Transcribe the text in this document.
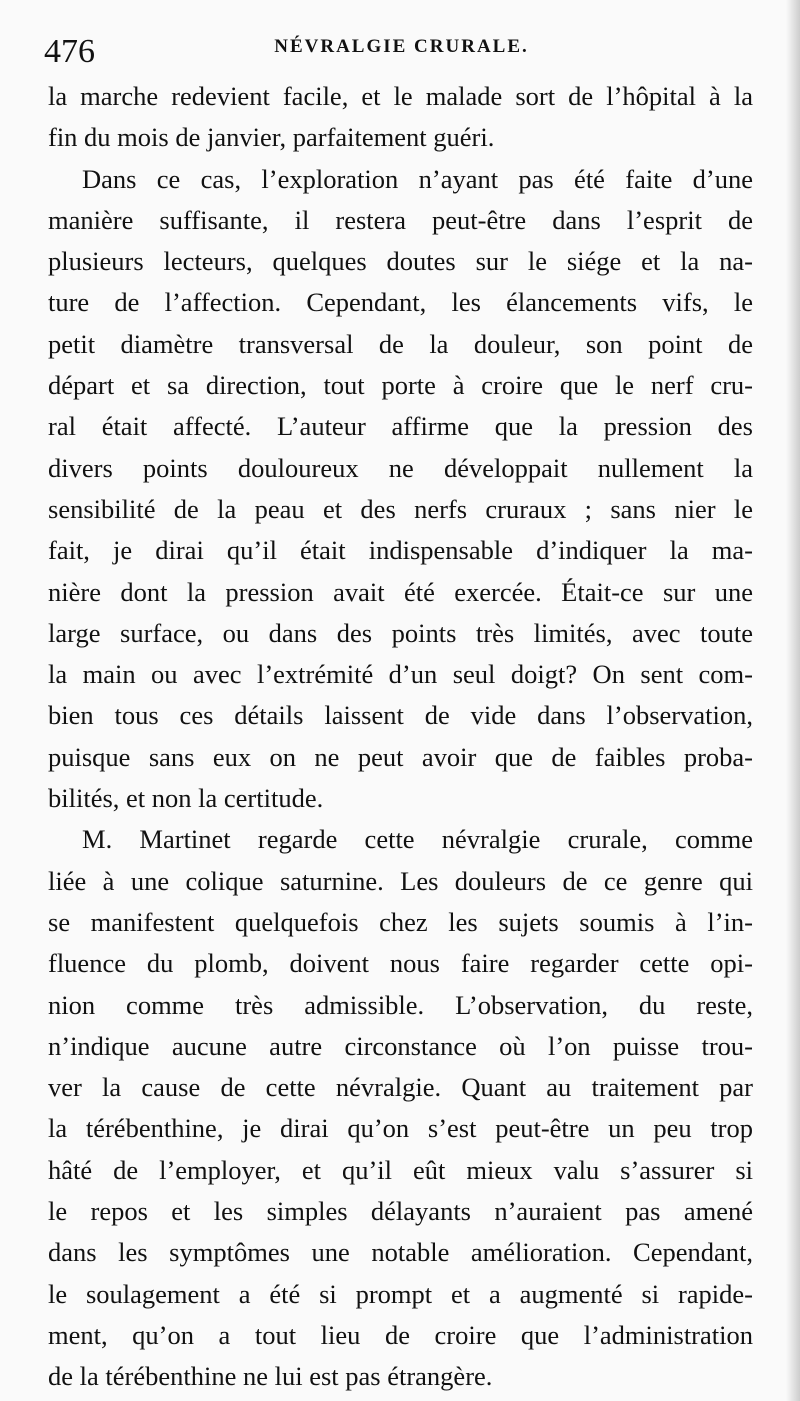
476	NÉVRALGIE CRURALE.
la marche redevient facile, et le malade sort de l’hôpital à la
fin du mois de janvier, parfaitement guéri.
Dans ce cas, l’exploration n’ayant pas été faite d’une
manière suffisante, il restera peut-être dans l’esprit de
plusieurs lecteurs, quelques doutes sur le siége et la na-
ture de l’affection. Cependant, les élancements vifs, le
petit diamètre transversal de la douleur, son point de
départ et sa direction, tout porte à croire que le nerf cru-
ral était affecté. L’auteur affirme que la pression des
divers points douloureux ne développait nullement la
sensibilité de la peau et des nerfs cruraux ; sans nier le
fait, je dirai qu’il était indispensable d’indiquer la ma-
nière dont la pression avait été exercée. Était-ce sur une
large surface, ou dans des points très limités, avec toute
la main ou avec l’extrémité d’un seul doigt? On sent com-
bien tous ces détails laissent de vide dans l’observation,
puisque sans eux on ne peut avoir que de faibles proba-
bilités, et non la certitude.
M. Martinet regarde cette névralgie crurale, comme
liée à une colique saturnine. Les douleurs de ce genre qui
se manifestent quelquefois chez les sujets soumis à l’in-
fluence du plomb, doivent nous faire regarder cette opi-
nion comme très admissible. L’observation, du reste,
n’indique aucune autre circonstance où l’on puisse trou-
ver la cause de cette névralgie. Quant au traitement par
la térébenthine, je dirai qu’on s’est peut-être un peu trop
hâté de l’employer, et qu’il eût mieux valu s’assurer si
le repos et les simples délayants n’auraient pas amené
dans les symptômes une notable amélioration. Cependant,
le soulagement a été si prompt et a augmenté si rapide-
ment, qu’on a tout lieu de croire que l’administration
de la térébenthine ne lui est pas étrangère.
